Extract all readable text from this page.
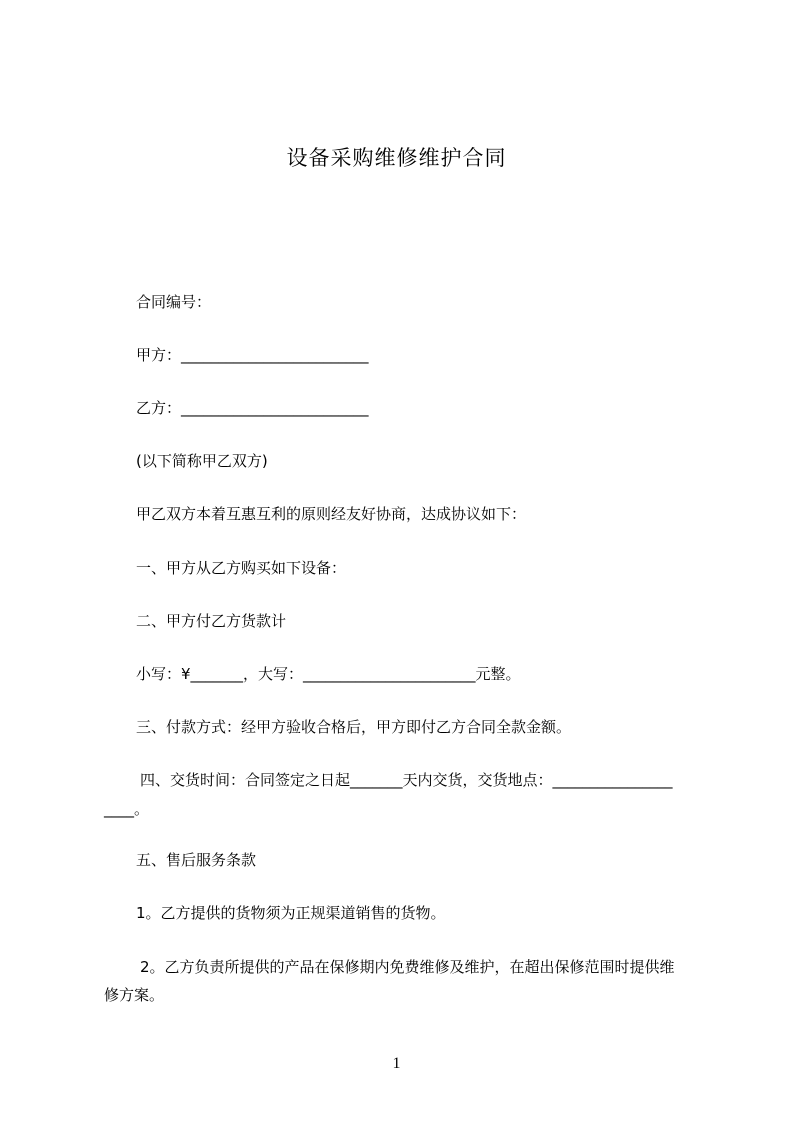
设备采购维修维护合同
合同编号：
甲方：_________________________
乙方：_________________________
(以下简称甲乙双方)
甲乙双方本着互惠互利的原则经友好协商，达成协议如下：
一、甲方从乙方购买如下设备：
二、甲方付乙方货款计
小写：¥_______，大写：_______________________元整。
三、付款方式：经甲方验收合格后，甲方即付乙方合同全款金额。
四、交货时间：合同签定之日起_______天内交货，交货地点：________________
____。
五、售后服务条款
1。乙方提供的货物须为正规渠道销售的货物。
2。乙方负责所提供的产品在保修期内免费维修及维护，在超出保修范围时提供维
修方案。
1
